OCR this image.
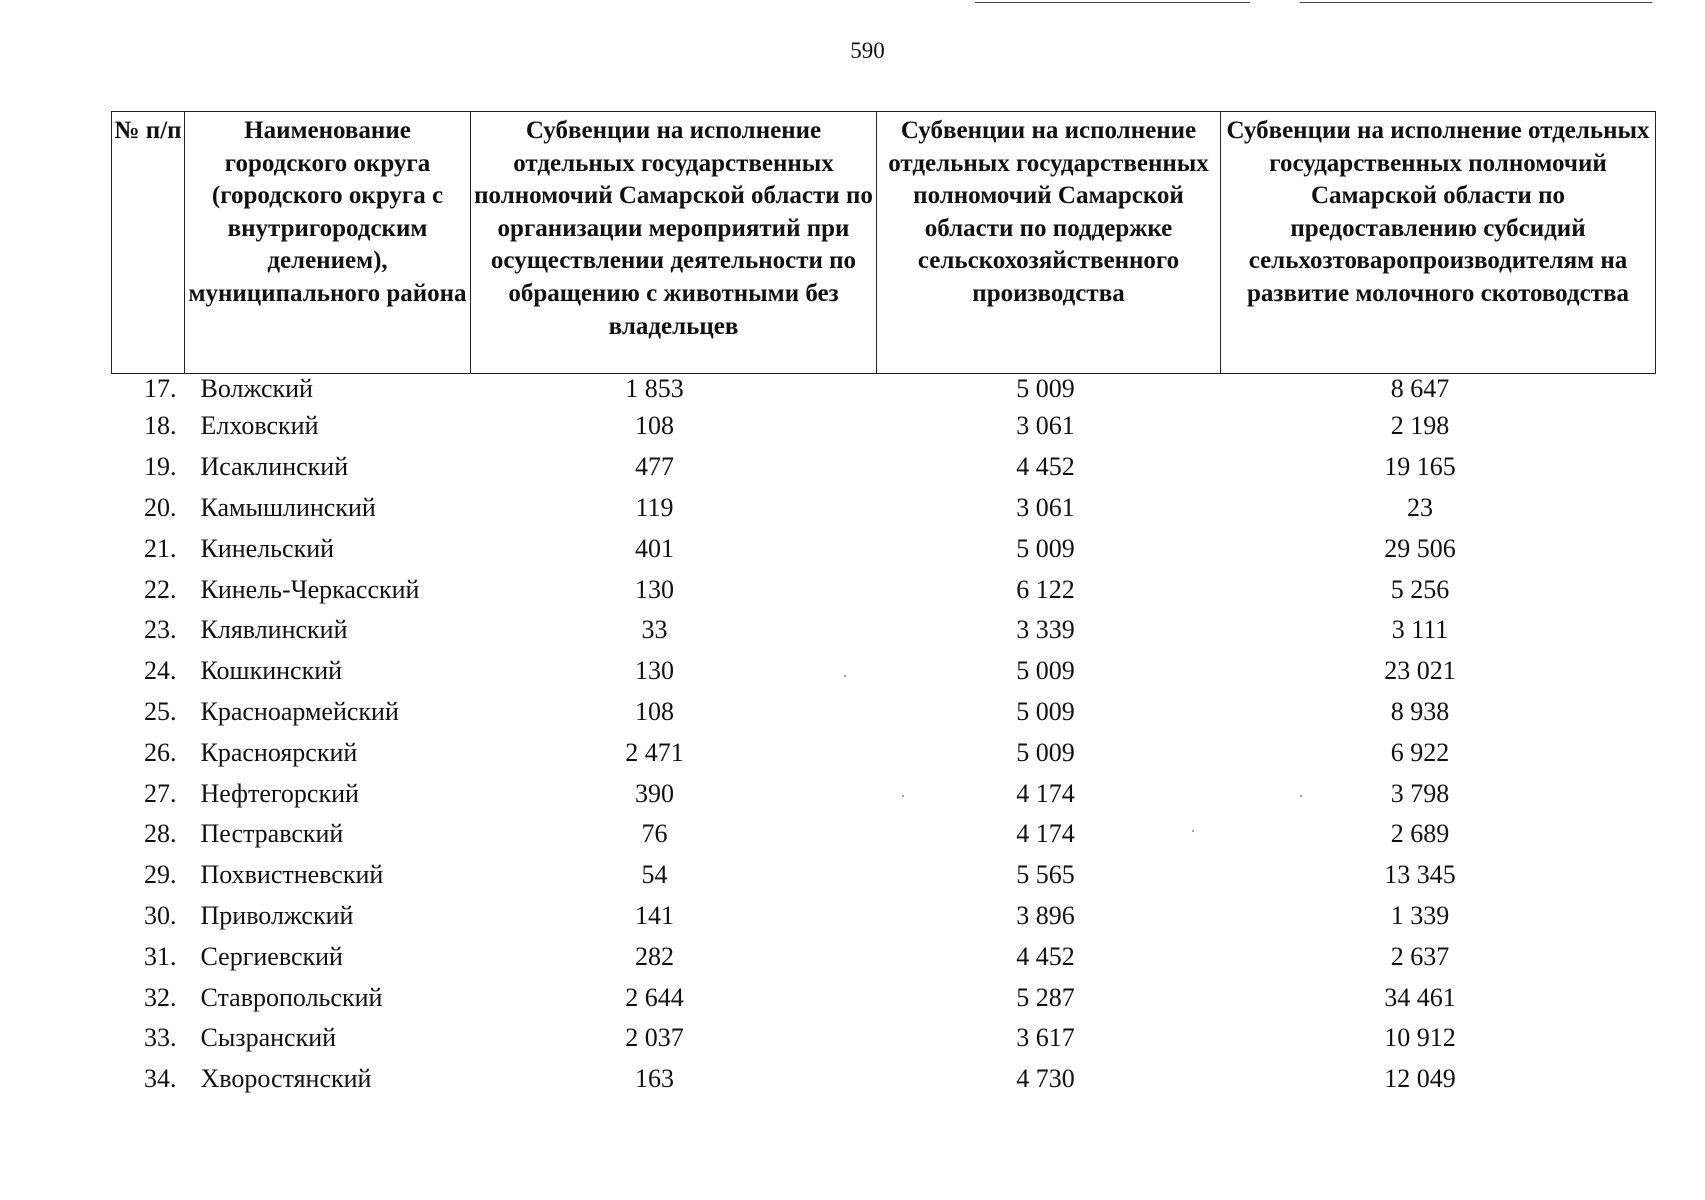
590
№ п/п	Наименование городского округа (городского округа с внутригородским делением), муниципального района	Субвенции на исполнение отдельных государственных полномочий Самарской области по организации мероприятий при осуществлении деятельности по обращению с животными без владельцев	Субвенции на исполнение отдельных государственных полномочий Самарской области по поддержке сельскохозяйственного производства	Субвенции на исполнение отдельных государственных полномочий Самарской области по предоставлению субсидий сельхозтоваропроизводителям на развитие молочного скотоводства
17.	Волжский	1 853	5 009	8 647
18.	Елховский	108	3 061	2 198
19.	Исаклинский	477	4 452	19 165
20.	Камышлинский	119	3 061	23
21.	Кинельский	401	5 009	29 506
22.	Кинель-Черкасский	130	6 122	5 256
23.	Клявлинский	33	3 339	3 111
24.	Кошкинский	130	5 009	23 021
25.	Красноармейский	108	5 009	8 938
26.	Красноярский	2 471	5 009	6 922
27.	Нефтегорский	390	4 174	3 798
28.	Пестравский	76	4 174	2 689
29.	Похвистневский	54	5 565	13 345
30.	Приволжский	141	3 896	1 339
31.	Сергиевский	282	4 452	2 637
32.	Ставропольский	2 644	5 287	34 461
33.	Сызранский	2 037	3 617	10 912
34.	Хворостянский	163	4 730	12 049
